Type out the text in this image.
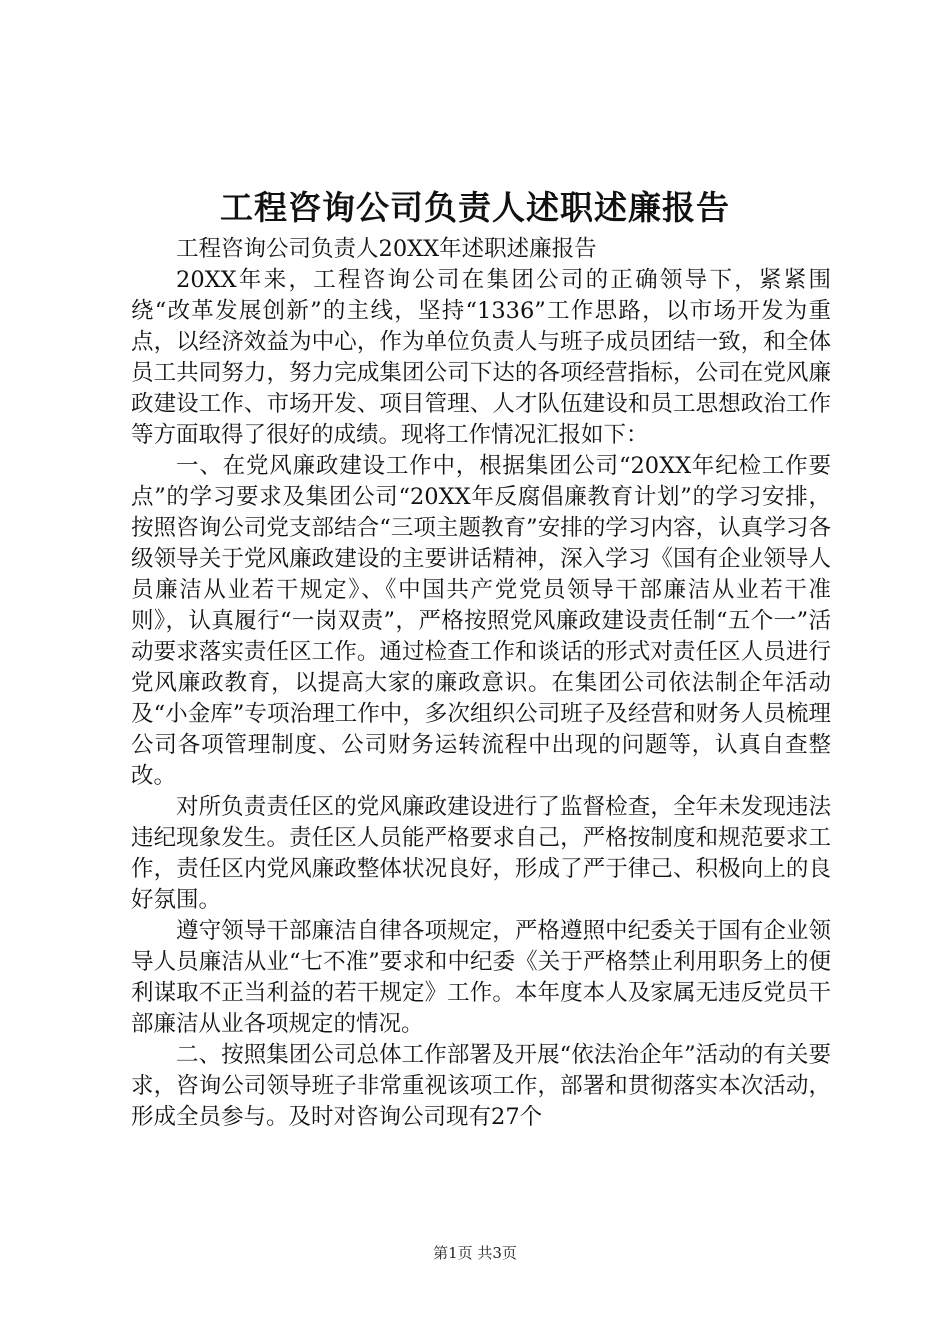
工程咨询公司负责人述职述廉报告

工程咨询公司负责人20XX年述职述廉报告

20XX年来，工程咨询公司在集团公司的正确领导下，紧紧围绕“改革发展创新”的主线，坚持“1336”工作思路，以市场开发为重点，以经济效益为中心，作为单位负责人与班子成员团结一致，和全体员工共同努力，努力完成集团公司下达的各项经营指标，公司在党风廉政建设工作、市场开发、项目管理、人才队伍建设和员工思想政治工作等方面取得了很好的成绩。现将工作情况汇报如下：

一、在党风廉政建设工作中，根据集团公司“20XX年纪检工作要点”的学习要求及集团公司“20XX年反腐倡廉教育计划”的学习安排，按照咨询公司党支部结合“三项主题教育”安排的学习内容，认真学习各级领导关于党风廉政建设的主要讲话精神，深入学习《国有企业领导人员廉洁从业若干规定》、《中国共产党党员领导干部廉洁从业若干准则》，认真履行“一岗双责”，严格按照党风廉政建设责任制“五个一”活动要求落实责任区工作。通过检查工作和谈话的形式对责任区人员进行党风廉政教育，以提高大家的廉政意识。在集团公司依法制企年活动及“小金库”专项治理工作中，多次组织公司班子及经营和财务人员梳理公司各项管理制度、公司财务运转流程中出现的问题等，认真自查整改。

对所负责责任区的党风廉政建设进行了监督检查，全年未发现违法违纪现象发生。责任区人员能严格要求自己，严格按制度和规范要求工作，责任区内党风廉政整体状况良好，形成了严于律己、积极向上的良好氛围。

遵守领导干部廉洁自律各项规定，严格遵照中纪委关于国有企业领导人员廉洁从业“七不准”要求和中纪委《关于严格禁止利用职务上的便利谋取不正当利益的若干规定》工作。本年度本人及家属无违反党员干部廉洁从业各项规定的情况。

二、按照集团公司总体工作部署及开展“依法治企年”活动的有关要求，咨询公司领导班子非常重视该项工作，部署和贯彻落实本次活动，形成全员参与。及时对咨询公司现有27个

第1页 共3页
